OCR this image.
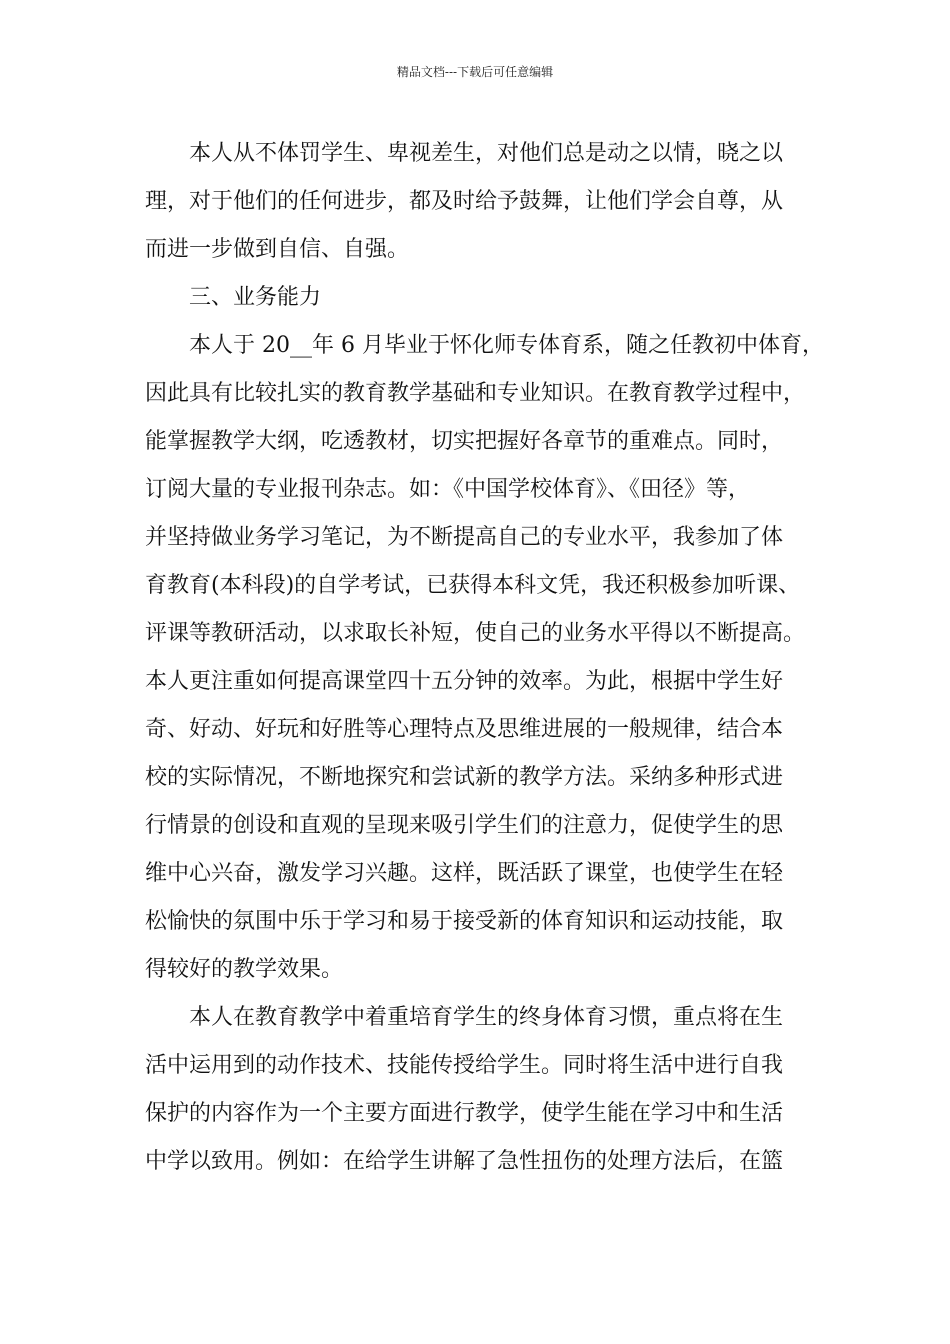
精品文档---下载后可任意编辑

本人从不体罚学生、卑视差生，对他们总是动之以情，晓之以
理，对于他们的任何进步，都及时给予鼓舞，让他们学会自尊，从
而进一步做到自信、自强。

三、业务能力

本人于 20__年 6 月毕业于怀化师专体育系，随之任教初中体育，
因此具有比较扎实的教育教学基础和专业知识。在教育教学过程中，
能掌握教学大纲，吃透教材，切实把握好各章节的重难点。同时，
订阅大量的专业报刊杂志。如：《中国学校体育》、《田径》等，
并坚持做业务学习笔记，为不断提高自己的专业水平，我参加了体
育教育(本科段)的自学考试，已获得本科文凭，我还积极参加听课、
评课等教研活动，以求取长补短，使自己的业务水平得以不断提高。
本人更注重如何提高课堂四十五分钟的效率。为此，根据中学生好
奇、好动、好玩和好胜等心理特点及思维进展的一般规律，结合本
校的实际情况，不断地探究和尝试新的教学方法。采纳多种形式进
行情景的创设和直观的呈现来吸引学生们的注意力，促使学生的思
维中心兴奋，激发学习兴趣。这样，既活跃了课堂，也使学生在轻
松愉快的氛围中乐于学习和易于接受新的体育知识和运动技能，取
得较好的教学效果。

本人在教育教学中着重培育学生的终身体育习惯，重点将在生
活中运用到的动作技术、技能传授给学生。同时将生活中进行自我
保护的内容作为一个主要方面进行教学，使学生能在学习中和生活
中学以致用。例如：在给学生讲解了急性扭伤的处理方法后，在篮
